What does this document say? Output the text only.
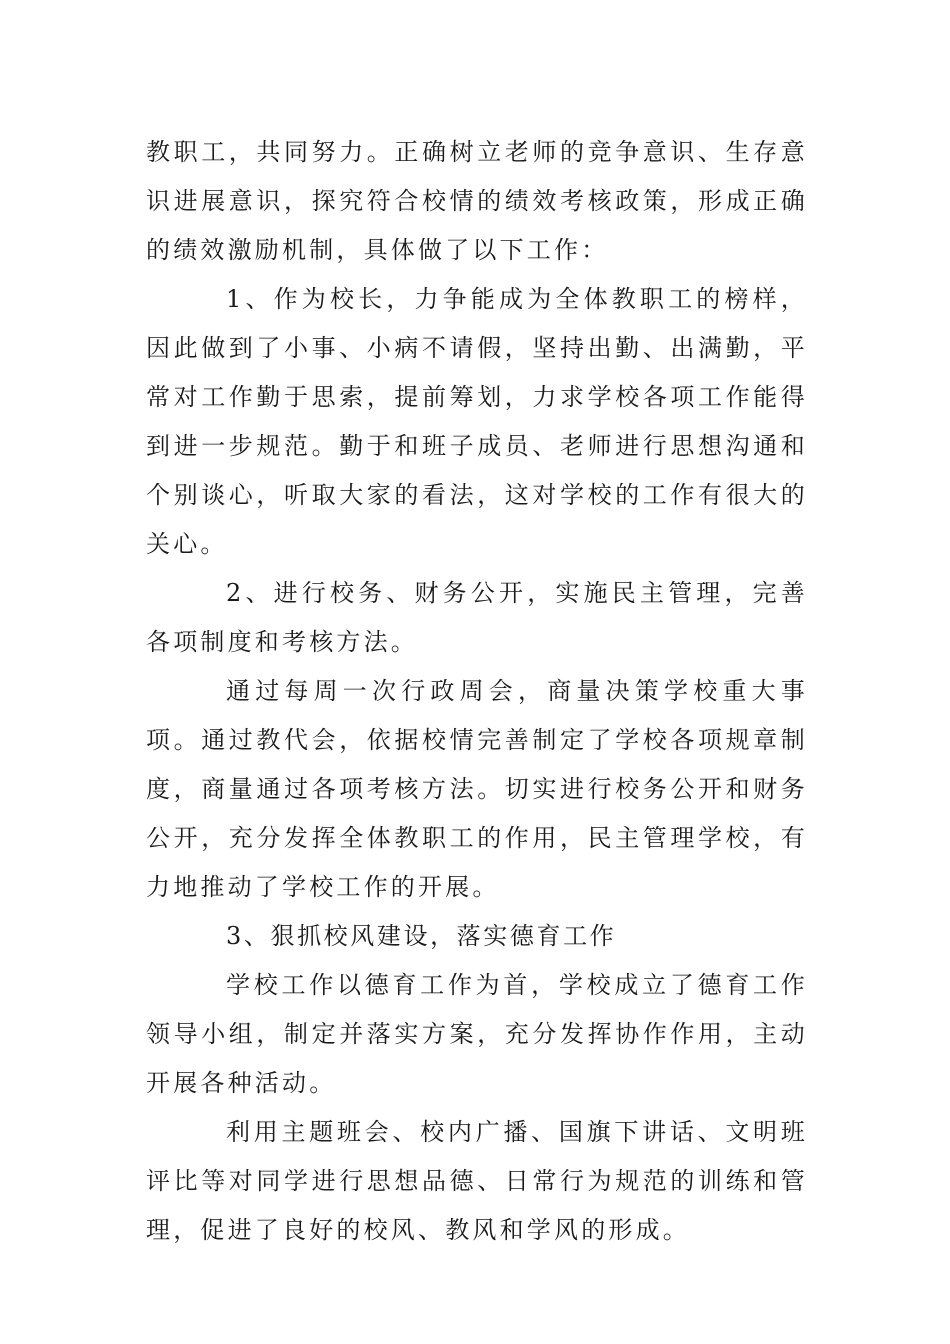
教职工，共同努力。正确树立老师的竞争意识、生存意识进展意识，探究符合校情的绩效考核政策，形成正确的绩效激励机制，具体做了以下工作：

1、作为校长，力争能成为全体教职工的榜样，因此做到了小事、小病不请假，坚持出勤、出满勤，平常对工作勤于思索，提前筹划，力求学校各项工作能得到进一步规范。勤于和班子成员、老师进行思想沟通和个别谈心，听取大家的看法，这对学校的工作有很大的关心。

2、进行校务、财务公开，实施民主管理，完善各项制度和考核方法。

通过每周一次行政周会，商量决策学校重大事项。通过教代会，依据校情完善制定了学校各项规章制度，商量通过各项考核方法。切实进行校务公开和财务公开，充分发挥全体教职工的作用，民主管理学校，有力地推动了学校工作的开展。

3、狠抓校风建设，落实德育工作

学校工作以德育工作为首，学校成立了德育工作领导小组，制定并落实方案，充分发挥协作作用，主动开展各种活动。

利用主题班会、校内广播、国旗下讲话、文明班评比等对同学进行思想品德、日常行为规范的训练和管理，促进了良好的校风、教风和学风的形成。
